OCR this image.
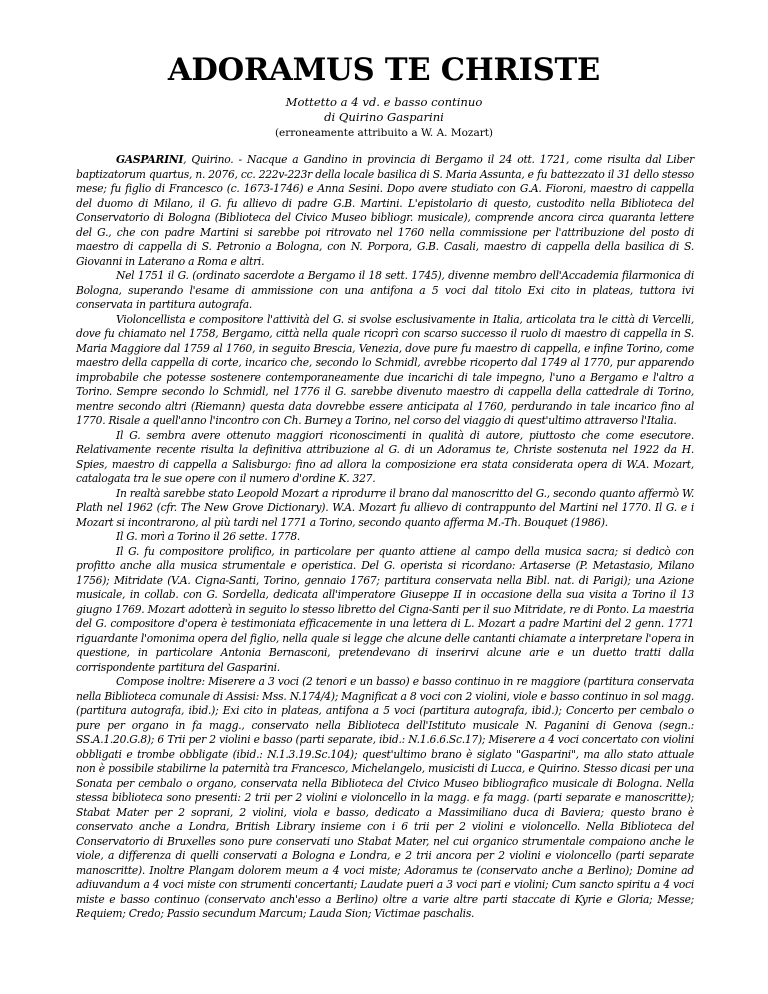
ADORAMUS TE CHRISTE
Mottetto a 4 vd. e basso continuo
di Quirino Gasparini
(erroneamente attribuito a W. A. Mozart)

GASPARINI, Quirino. - Nacque a Gandino in provincia di Bergamo il 24 ott. 1721, come risulta dal Liber baptizatorum quartus, n. 2076, cc. 222v-223r della locale basilica di S. Maria Assunta, e fu battezzato il 31 dello stesso mese; fu figlio di Francesco (c. 1673-1746) e Anna Sesini. Dopo avere studiato con G.A. Fioroni, maestro di cappella del duomo di Milano, il G. fu allievo di padre G.B. Martini. L'epistolario di questo, custodito nella Biblioteca del Conservatorio di Bologna (Biblioteca del Civico Museo bibliogr. musicale), comprende ancora circa quaranta lettere del G., che con padre Martini si sarebbe poi ritrovato nel 1760 nella commissione per l'attribuzione del posto di maestro di cappella di S. Petronio a Bologna, con N. Porpora, G.B. Casali, maestro di cappella della basilica di S. Giovanni in Laterano a Roma e altri.

Nel 1751 il G. (ordinato sacerdote a Bergamo il 18 sett. 1745), divenne membro dell'Accademia filarmonica di Bologna, superando l'esame di ammissione con una antifona a 5 voci dal titolo Exi cito in plateas, tuttora ivi conservata in partitura autografa.

Violoncellista e compositore l'attività del G. si svolse esclusivamente in Italia, articolata tra le città di Vercelli, dove fu chiamato nel 1758, Bergamo, città nella quale ricoprì con scarso successo il ruolo di maestro di cappella in S. Maria Maggiore dal 1759 al 1760, in seguito Brescia, Venezia, dove pure fu maestro di cappella, e infine Torino, come maestro della cappella di corte, incarico che, secondo lo Schmidl, avrebbe ricoperto dal 1749 al 1770, pur apparendo improbabile che potesse sostenere contemporaneamente due incarichi di tale impegno, l'uno a Bergamo e l'altro a Torino. Sempre secondo lo Schmidl, nel 1776 il G. sarebbe divenuto maestro di cappella della cattedrale di Torino, mentre secondo altri (Riemann) questa data dovrebbe essere anticipata al 1760, perdurando in tale incarico fino al 1770. Risale a quell'anno l'incontro con Ch. Burney a Torino, nel corso del viaggio di quest'ultimo attraverso l'Italia.

Il G. sembra avere ottenuto maggiori riconoscimenti in qualità di autore, piuttosto che come esecutore. Relativamente recente risulta la definitiva attribuzione al G. di un Adoramus te, Christe sostenuta nel 1922 da H. Spies, maestro di cappella a Salisburgo: fino ad allora la composizione era stata considerata opera di W.A. Mozart, catalogata tra le sue opere con il numero d'ordine K. 327.

In realtà sarebbe stato Leopold Mozart a riprodurre il brano dal manoscritto del G., secondo quanto affermò W. Plath nel 1962 (cfr. The New Grove Dictionary). W.A. Mozart fu allievo di contrappunto del Martini nel 1770. Il G. e i Mozart si incontrarono, al più tardi nel 1771 a Torino, secondo quanto afferma M.-Th. Bouquet (1986).

Il G. morì a Torino il 26 sette. 1778.

Il G. fu compositore prolifico, in particolare per quanto attiene al campo della musica sacra; si dedicò con profitto anche alla musica strumentale e operistica. Del G. operista si ricordano: Artaserse (P. Metastasio, Milano 1756); Mitridate (V.A. Cigna-Santi, Torino, gennaio 1767; partitura conservata nella Bibl. nat. di Parigi); una Azione musicale, in collab. con G. Sordella, dedicata all'imperatore Giuseppe II in occasione della sua visita a Torino il 13 giugno 1769. Mozart adotterà in seguito lo stesso libretto del Cigna-Santi per il suo Mitridate, re di Ponto. La maestria del G. compositore d'opera è testimoniata efficacemente in una lettera di L. Mozart a padre Martini del 2 genn. 1771 riguardante l'omonima opera del figlio, nella quale si legge che alcune delle cantanti chiamate a interpretare l'opera in questione, in particolare Antonia Bernasconi, pretendevano di inserirvi alcune arie e un duetto tratti dalla corrispondente partitura del Gasparini.

Compose inoltre: Miserere a 3 voci (2 tenori e un basso) e basso continuo in re maggiore (partitura conservata nella Biblioteca comunale di Assisi: Mss. N.174/4); Magnificat a 8 voci con 2 violini, viole e basso continuo in sol magg. (partitura autografa, ibid.); Exi cito in plateas, antifona a 5 voci (partitura autografa, ibid.); Concerto per cembalo o pure per organo in fa magg., conservato nella Biblioteca dell'Istituto musicale N. Paganini di Genova (segn.: SS.A.1.20.G.8); 6 Trii per 2 violini e basso (parti separate, ibid.: N.1.6.6.Sc.17); Miserere a 4 voci concertato con violini obbligati e trombe obbligate (ibid.: N.1.3.19.Sc.104); quest'ultimo brano è siglato "Gasparini", ma allo stato attuale non è possibile stabilirne la paternità tra Francesco, Michelangelo, musicisti di Lucca, e Quirino. Stesso dicasi per una Sonata per cembalo o organo, conservata nella Biblioteca del Civico Museo bibliografico musicale di Bologna. Nella stessa biblioteca sono presenti: 2 trii per 2 violini e violoncello in la magg. e fa magg. (parti separate e manoscritte); Stabat Mater per 2 soprani, 2 violini, viola e basso, dedicato a Massimiliano duca di Baviera; questo brano è conservato anche a Londra, British Library insieme con i 6 trii per 2 violini e violoncello. Nella Biblioteca del Conservatorio di Bruxelles sono pure conservati uno Stabat Mater, nel cui organico strumentale compaiono anche le viole, a differenza di quelli conservati a Bologna e Londra, e 2 trii ancora per 2 violini e violoncello (parti separate manoscritte). Inoltre Plangam dolorem meum a 4 voci miste; Adoramus te (conservato anche a Berlino); Domine ad adiuvandum a 4 voci miste con strumenti concertanti; Laudate pueri a 3 voci pari e violini; Cum sancto spiritu a 4 voci miste e basso continuo (conservato anch'esso a Berlino) oltre a varie altre parti staccate di Kyrie e Gloria; Messe; Requiem; Credo; Passio secundum Marcum; Lauda Sion; Victimae paschalis.
